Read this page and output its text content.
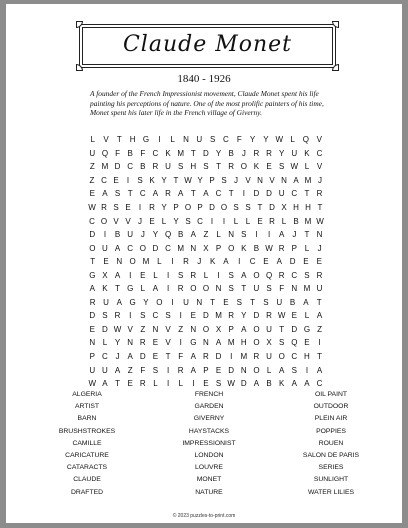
Claude Monet
1840 - 1926
A founder of the French Impressionist movement, Claude Monet spent his life painting his perceptions of nature. One of the most prolific painters of his time, Monet spent his later life in the French village of Giverny.
L	V	T H G	I	L	N U S C	F	Y Y W L Q V
U Q F B F C K M T D Y B J R R Y U K C
Z M D C B R U S H S T R O K E S W L V
Z C E	I	S K Y T W Y P S J V N V N A M J
E A S T C A R A T A C T	I	D D U C T R
W R S E	I	R Y P O P D O S S T D X H H T
C O V V J E L Y S C I	I	L L E R L B M W
D	I	B U J Y Q B A Z L N S	I	I	A J	T N
O U A C O D C M N X P O K B W R P L	J
T	E N O M L	I	R	J	K A	I	C E A D E E
G X A	I	E L	I	S R L	I	S A O Q R C S R
A K T G L A	I	R O O N S T U S F N M U
R U A G Y O	I	U N	T	E S	T	S U B A	T
D S R	I	S C S	I	E D M R Y D R W E L A
E D W V Z N V Z N O X P A O U T D G Z
N L Y N R E V	I	G N A M H O X S Q E	I
P C J A D E T F A R D	I	M R U O C H T
U U A Z F S	I	R A P E D N O L A S	I	A
W A T E R L	I	L	I	E S W D A B K A A C
ALGERIA
ARTIST
BARN
BRUSHSTROKES
CAMILLE
CARICATURE
CATARACTS
CLAUDE
DRAFTED
FRENCH
GARDEN
GIVERNY
HAYSTACKS
IMPRESSIONIST
LONDON
LOUVRE
MONET
NATURE
OIL PAINT
OUTDOOR
PLEIN AIR
POPPIES
ROUEN
SALON DE PARIS
SERIES
SUNLIGHT
WATER LILIES
© 2023 puzzles-to-print.com
